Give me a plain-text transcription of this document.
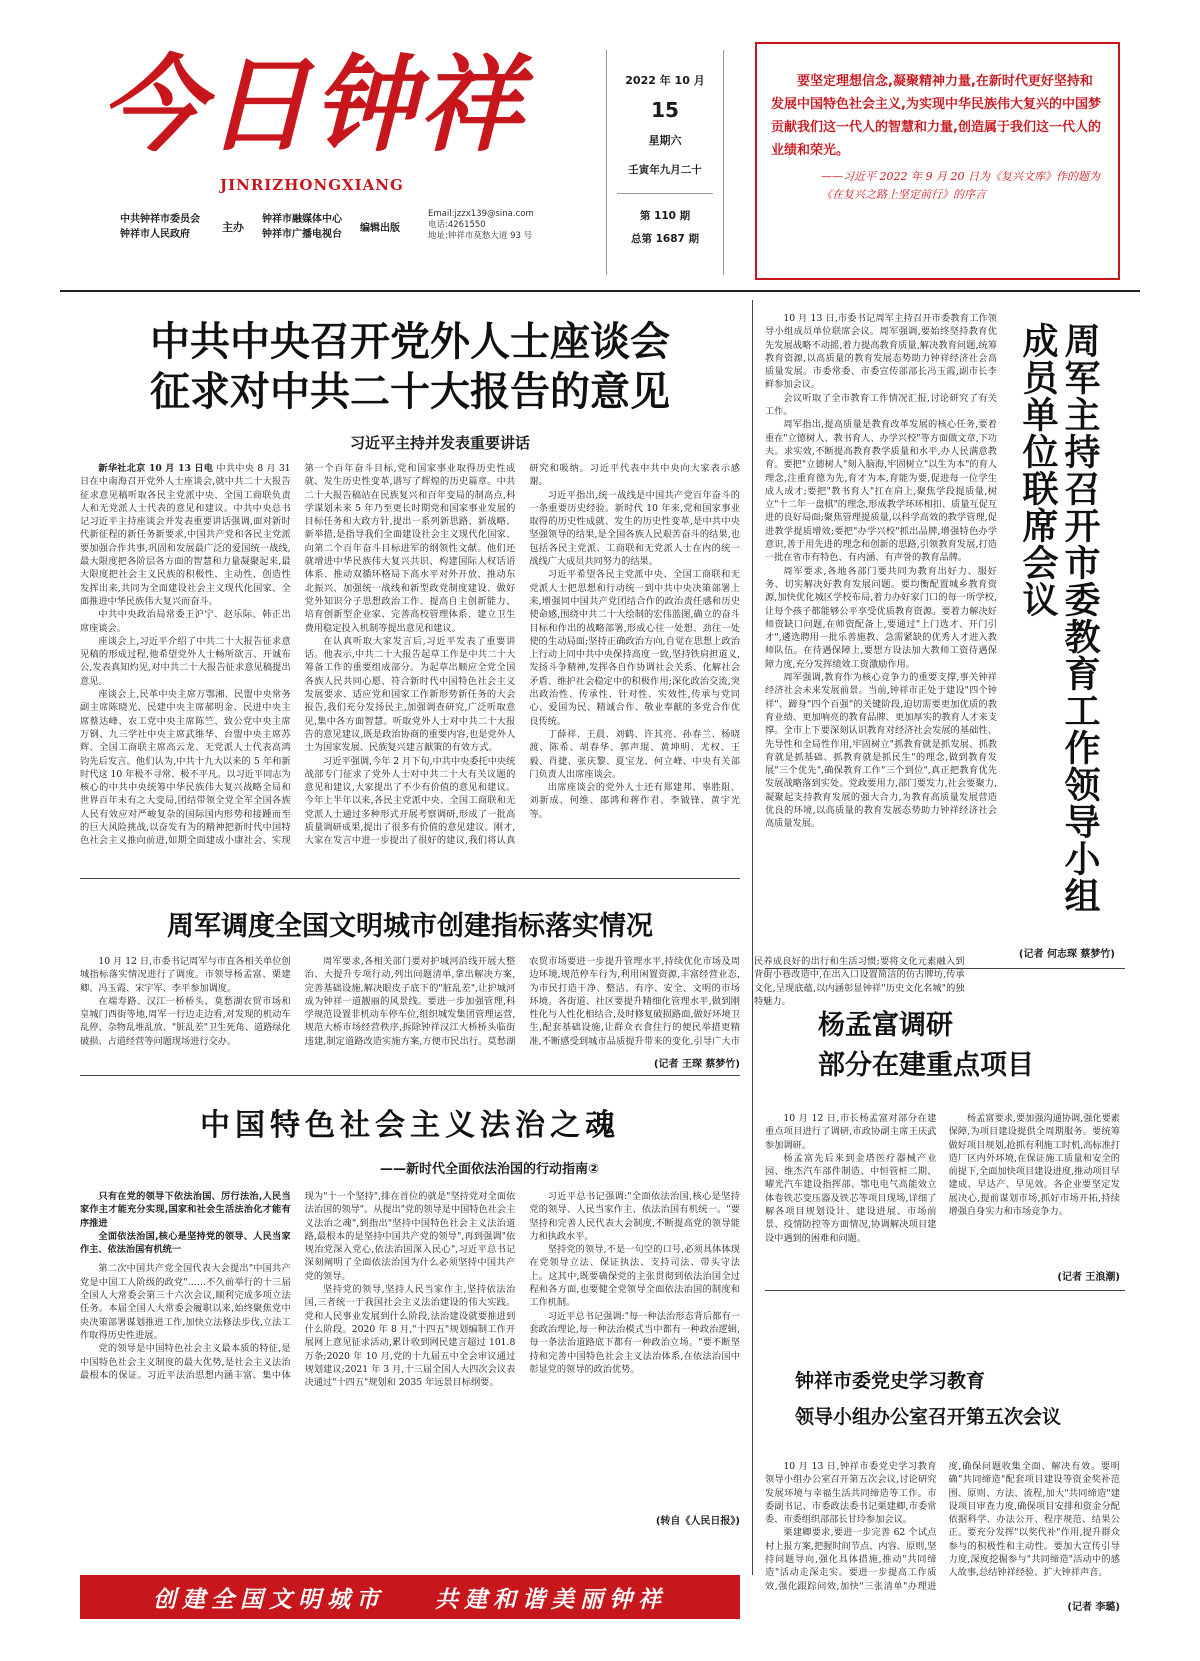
今日钟祥
JINRIZHONGXIANG
中共钟祥市委员会
钟祥市人民政府
主办
钟祥市融媒体中心
钟祥市广播电视台
编辑出版
Email:jzzx139@sina.com
电话:4261550
地址:钟祥市莫愁大道 93 号
2022 年 10 月
15
星期六
壬寅年九月二十
第 110 期
总第 1687 期
要坚定理想信念,凝聚精神力量,在新时代更好坚持和发展中国特色社会主义,为实现中华民族伟大复兴的中国梦贡献我们这一代人的智慧和力量,创造属于我们这一代人的业绩和荣光。
——习近平 2022 年 9 月 20 日为《复兴文库》作的题为《在复兴之路上坚定前行》的序言
中共中央召开党外人士座谈会
征求对中共二十大报告的意见
习近平主持并发表重要讲话

新华社北京 10 月 13 日电 中共中央 8 月 31 日在中南海召开党外人士座谈会,就中共二十大报告征求意见稿听取各民主党派中央、全国工商联负责人和无党派人士代表的意见和建议。中共中央总书记习近平主持座谈会并发表重要讲话强调,面对新时代新征程的新任务新要求,中国共产党和各民主党派要加强合作共事,巩固和发展最广泛的爱国统一战线,最大限度把各阶层各方面的智慧和力量凝聚起来,最大限度把社会主义民族的积极性、主动性、创造性发挥出来,共同为全面建设社会主义现代化国家、全面推进中华民族伟大复兴而奋斗。

中共中央政治局常委王沪宁、赵乐际、韩正出席座谈会。

座谈会上,习近平介绍了中共二十大报告征求意见稿的形成过程,他希望党外人士畅所欲言、开诚布公,发表真知灼见,对中共二十大报告征求意见稿提出意见。

座谈会上,民革中央主席万鄂湘、民盟中央常务副主席陈晓光、民建中央主席郝明金、民进中央主席蔡达峰、农工党中央主席陈竺、致公党中央主席万钢、九三学社中央主席武维华、台盟中央主席苏辉、全国工商联主席高云龙、无党派人士代表高鸿钧先后发言。他们认为,中共十九大以来的 5 年和新时代这 10 年极不寻常、极不平凡。以习近平同志为核心的中共中央统筹中华民族伟大复兴战略全局和世界百年未有之大变局,团结带领全党全军全国各族人民有效应对严峻复杂的国际国内形势和接踵而至的巨大风险挑战,以奋发有为的精神把新时代中国特色社会主义推向前进,如期全面建成小康社会、实现第一个百年奋斗目标,党和国家事业取得历史性成就、发生历史性变革,谱写了辉煌的历史篇章。中共二十大报告稿站在民族复兴和百年变局的制高点,科学谋划未来 5 年乃至更长时期党和国家事业发展的目标任务和大政方针,提出一系列新思路、新战略、新举措,是指导我们全面建设社会主义现代化国家、向第二个百年奋斗目标进军的纲领性文献。他们还就增进中华民族伟大复兴共识、构建国际人权话语体系、推动双循环格局下高水平对外开放、推动东北振兴、加强统一战线和新型政党制度建设、做好党外知识分子思想政治工作、提高自主创新能力、培育创新型企业家、完善高校管理体系、建立卫生费用稳定投入机制等提出意见和建议。

在认真听取大家发言后,习近平发表了重要讲话。他表示,中共二十大报告起草工作是中共二十大筹备工作的重要组成部分。为起草出顺应全党全国各族人民共同心愿、符合新时代中国特色社会主义发展要求、适应党和国家工作新形势新任务的大会报告,我们充分发扬民主,加强调查研究,广泛听取意见,集中各方面智慧。听取党外人士对中共二十大报告的意见建议,既是政治协商的重要内容,也是党外人士为国家发展、民族复兴建言献策的有效方式。

习近平强调,今年 2 月下旬,中共中央委托中央统战部专门征求了党外人士对中共二十大有关议题的意见和建议,大家提出了不少有价值的意见和建议。今年上半年以来,各民主党派中央、全国工商联和无党派人士通过多种形式开展考察调研,形成了一批高质量调研成果,提出了很多有价值的意见建议。刚才,大家在发言中进一步提出了很好的建议,我们将认真研究和吸纳。习近平代表中共中央向大家表示感谢。

习近平指出,统一战线是中国共产党百年奋斗的一条重要历史经验。新时代 10 年来,党和国家事业取得的历史性成就、发生的历史性变革,是中共中央坚强领导的结果,是全国各族人民艰苦奋斗的结果,也包括各民主党派、工商联和无党派人士在内的统一战线广大成员共同努力的结果。

习近平希望各民主党派中央、全国工商联和无党派人士把思想和行动统一到中共中央决策部署上来,增强同中国共产党团结合作的政治责任感和历史使命感,围绕中共二十大绘制的宏伟蓝图,确立的奋斗目标和作出的战略部署,形成心往一处想、劲往一处使的生动局面;坚持正确政治方向,自觉在思想上政治上行动上同中共中央保持高度一致,坚持铁肩担道义,发扬斗争精神,发挥各自作协调社会关系、化解社会矛盾、维护社会稳定中的积极作用;深化政治交流,突出政治性、传承性、针对性、实效性,传承与党同心、爱国为民、精诚合作、敬业奉献的多党合作优良传统。

丁薛祥、王晨、刘鹤、许其亮、孙春兰、杨晓渡、陈希、胡春华、郭声琨、黄坤明、尤权、王毅、肖捷、张庆黎、夏宝龙、何立峰、中央有关部门负责人出席座谈会。

出席座谈会的党外人士还有郑建邦、辜胜阻、刘新成、何维、邵鸿和蒋作君、李钺锋、黄宇光等。

周军调度全国文明城市创建指标落实情况

10 月 12 日,市委书记周军与市直各相关单位创城指标落实情况进行了调度。市领导杨孟富、栗建卿、冯玉霞、宋宇军、李平参加调度。

在端寿路、汉江一桥桥头、莫愁湖农贸市场和皇城门西街等地,周军一行边走边看,对发现的机动车乱停、杂物乱堆乱放、"脏乱差"卫生死角、道路绿化破损、占道经营等问题现场进行交办。

周军要求,各相关部门要对护城河沿线开展大整治、大提升专项行动,列出问题清单,拿出解决方案,完善基础设施,解决眼皮子底下的"脏乱差",让护城河成为钟祥一道靓丽的风景线。要进一步加强管理,科学规范设置非机动车停车位,组织城发集团管理运营,规范大桥市场经营秩序,拆除钟祥汉江大桥桥头临街违建,制定道路改造实施方案,方便市民出行。莫愁湖农贸市场要进一步提升管理水平,持续优化市场及周边环境,规范停车行为,利用闲置资源,丰富经营业态,为市民打造干净、整洁、有序、安全、文明的市场环境。各街道、社区要提升精细化管理水平,做到刚性化与人性化相结合,及时修复破损路面,做好环境卫生,配套基础设施,让群众衣食住行的便民举措更精准,不断感受到城市品质提升带来的变化,引导广大市民养成良好的出行和生活习惯;要将文化元素融入到背街小巷改造中,在出入口设置简洁的仿古牌坊,传承文化,呈现底蕴,以内涵彰显钟祥"历史文化名城"的独特魅力。

(记者 王琛 蔡梦竹)
中国特色社会主义法治之魂
——新时代全面依法治国的行动指南②

只有在党的领导下依法治国、厉行法治,人民当家作主才能充分实现,国家和社会生活法治化才能有序推进

全面依法治国,核心是坚持党的领导、人民当家作主、依法治国有机统一

第二次中国共产党全国代表大会提出"中国共产党是中国工人阶级的政党"……不久前举行的十三届全国人大常委会第三十六次会议,顺利完成多项立法任务。本届全国人大常委会履职以来,始终聚焦党中央决策部署谋划推进工作,加快立法修法步伐,立法工作取得历史性进展。

党的领导是中国特色社会主义最本质的特征,是中国特色社会主义制度的最大优势,是社会主义法治最根本的保证。习近平法治思想内涵丰富、集中体现为"十一个坚持",排在首位的就是"坚持党对全面依法治国的领导"。从提出"党的领导是中国特色社会主义法治之魂",到指出"坚持中国特色社会主义法治道路,最根本的是坚持中国共产党的领导",再到强调"依规治党深入党心,依法治国深入民心",习近平总书记深刻阐明了全面依法治国为什么必须坚持中国共产党的领导。

坚持党的领导,坚持人民当家作主,坚持依法治国,三者统一于我国社会主义法治建设的伟大实践。党和人民事业发展到什么阶段,法治建设就要推进到什么阶段。2020 年 8 月,"十四五"规划编制工作开展网上意见征求活动,累计收到网民建言超过 101.8 万条;2020 年 10 月,党的十九届五中全会审议通过规划建议;2021 年 3 月,十三届全国人大四次会议表决通过"十四五"规划和 2035 年远景目标纲要。

习近平总书记强调:"全面依法治国,核心是坚持党的领导、人民当家作主、依法治国有机统一。"要坚持和完善人民代表大会制度,不断提高党的领导能力和执政水平。

坚持党的领导,不是一句空的口号,必须具体体现在党领导立法、保证执法、支持司法、带头守法上。这其中,既要确保党的主张贯彻到依法治国全过程和各方面,也要健全党领导全面依法治国的制度和工作机制。

习近平总书记强调:"每一种法治形态背后都有一套政治理论,每一种法治模式当中都有一种政治逻辑,每一条法治道路底下都有一种政治立场。"要不断坚持和完善中国特色社会主义法治体系,在依法治国中彰显党的领导的政治优势。

(转自《人民日报》)

10 月 13 日,市委书记周军主持召开市委教育工作领导小组成员单位联席会议。周军强调,要始终坚持教育优先发展战略不动摇,着力提高教育质量,解决教育问题,统筹教育资源,以高质量的教育发展态势助力钟祥经济社会高质量发展。市委常委、市委宣传部部长冯玉霞,副市长李鲜参加会议。

会议听取了全市教育工作情况汇报,讨论研究了有关工作。

周军指出,提高质量是教育改革发展的核心任务,要着重在"立德树人、教书育人、办学兴校"等方面做文章,下功夫。求实效,不断提高教育教学质量和水平,办人民满意教育。要把"立德树人"刻入脑海,牢固树立"以生为本"的育人理念,注重育德为先,育才为本,育能为要,促进每一位学生成人成才;要把"教书育人"扛在肩上,聚焦学段提质量,树立"十二年一盘棋"的理念,形成教学环环相扣、质量互促互进的良好局面;聚焦管理提质量,以科学高效的教学管理,促进教学提质增效;要把"办学兴校"抓出品牌,增强特色办学意识,善于用先进的理念和创新的思路,引领教育发展,打造一批在省市有特色、有内涵、有声誉的教育品牌。

周军要求,各地各部门要共同为教育出好力、服好务、切实解决好教育发展问题。要均衡配置城乡教育资源,加快优化城区学校布局,着力办好家门口的每一所学校,让每个孩子都能够公平享受优质教育资源。要着力解决好师资缺口问题,在师资配备上,要通过"上门选才、开门引才",遴选聘用一批乐善施教、急需紧缺的优秀人才进入教师队伍。在待遇保障上,要想方设法加大教师工资待遇保障力度,充分发挥绩效工资激励作用。

周军强调,教育作为核心竞争力的重要支撑,事关钟祥经济社会未来发展前景。当前,钟祥市正处于建设"四个钟祥"、蹄身"四个百强"的关键阶段,迫切需要更加优质的教育业绩、更加响亮的教育品牌、更加厚实的教育人才来支撑。全市上下要深刻认识教育对经济社会发展的基础性、先导性和全局性作用,牢固树立"抓教育就是抓发展、抓教育就是抓基础、抓教育就是抓民生"的理念,做到教育发展"三个优先",确保教育工作"三个到位",真正把教育优先发展战略落到实处。党政要用力,部门要发力,社会要聚力,凝聚起支持教育发展的强大合力,为教育高质量发展营造优良的环境,以高质量的教育发展态势助力钟祥经济社会高质量发展。	周军主持召开市委教育工作领导小组成员单位联席会议
(记者 何志琛 蔡梦竹)
杨孟富调研
部分在建重点项目

10 月 12 日,市长杨孟富对部分在建重点项目进行了调研,市政协副主席王庆武参加调研。

杨孟富先后来到金塔医疗器械产业园、维杰汽车部件制造、中恒管桩二期、曜光汽车建设指挥部、鄂电电气高能效立体卷铁芯变压器及铁芯等项目现场,详细了解各项目规划设计、建设进展、市场前景、疫情防控等方面情况,协调解决项目建设中遇到的困难和问题。

杨孟富要求,要加强沟通协调,强化要素保障,为项目建设提供全周期服务。要统筹做好项目规划,抢抓有利施工时机,高标准打造厂区内外环境,在保证施工质量和安全的前提下,全面加快项目建设进度,推动项目早建成、早达产、早见效。各企业要坚定发展决心,提前谋划市场,抓好市场开拓,持续增强自身实力和市场竞争力。

(记者 王浪潮)
钟祥市委党史学习教育
领导小组办公室召开第五次会议

10 月 13 日,钟祥市委党史学习教育领导小组办公室召开第五次会议,讨论研究发展环境与幸福生活共同缔造等工作。市委副书记、市委政法委书记栗建卿,市委常委、市委组织部部长甘玲参加会议。

栗建卿要求,要进一步完善 62 个试点村上报方案,把握时间节点、内容、原则,坚持问题导向,强化具体措施,推动"共同缔造"活动走深走实。要进一步提高工作质效,强化跟踪问效,加快"三张清单"办理进度,确保问题收集全面、解决有效。要明确"共同缔造"配套项目建设等资金奖补范围、原则、方法、流程,加大"共同缔造"建设项目审查力度,确保项目安排和资金分配依据科学、办法公开、程序规范、结果公正。要充分发挥"以奖代补"作用,提升群众参与的积极性和主动性。要加大宣传引导力度,深度挖掘参与"共同缔造"活动中的感人故事,总结钟祥经验、扩大钟祥声音。

(记者 李璐)
创建全国文明城市 共建和谐美丽钟祥
